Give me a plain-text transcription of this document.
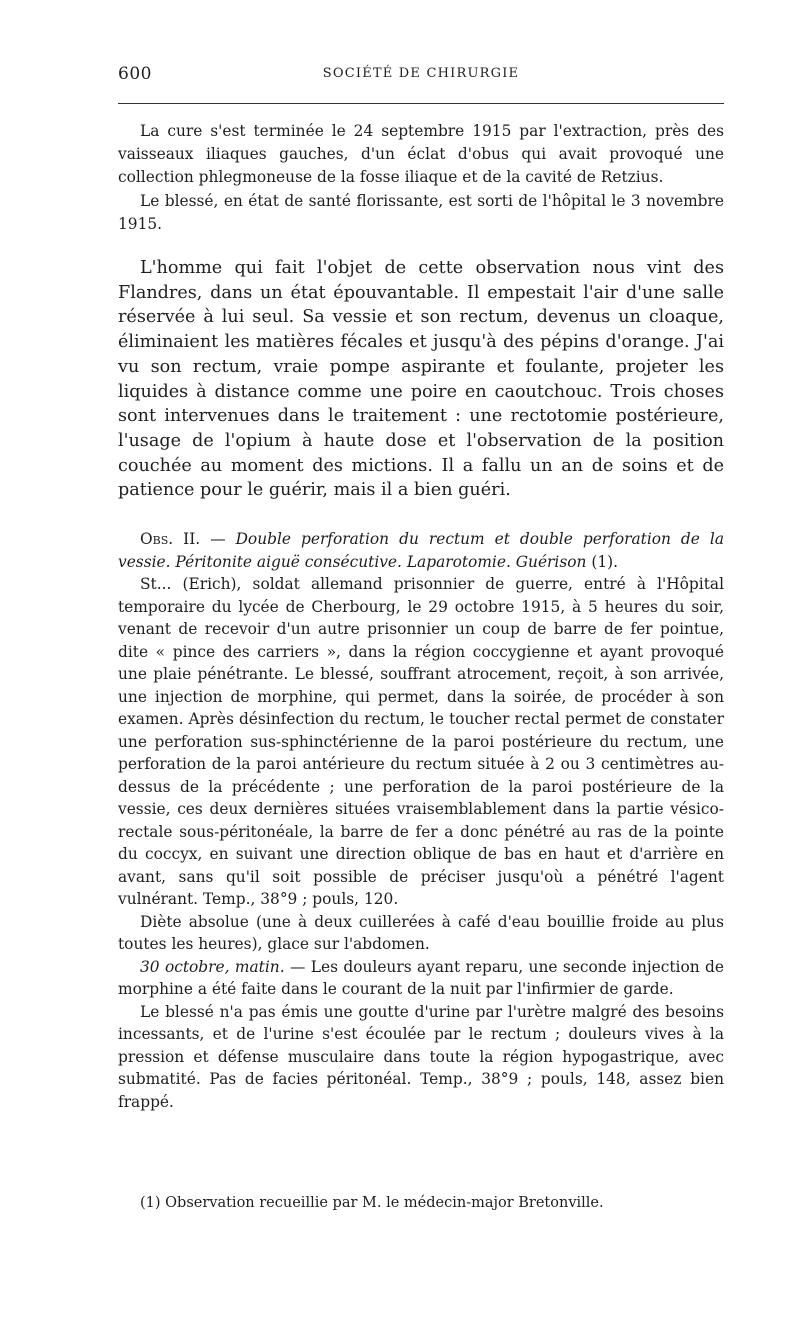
600	SOCIÉTÉ DE CHIRURGIE

La cure s'est terminée le 24 septembre 1915 par l'extraction, près des vaisseaux iliaques gauches, d'un éclat d'obus qui avait provoqué une collection phlegmoneuse de la fosse iliaque et de la cavité de Retzius.

Le blessé, en état de santé florissante, est sorti de l'hôpital le 3 novembre 1915.

L'homme qui fait l'objet de cette observation nous vint des Flandres, dans un état épouvantable. Il empestait l'air d'une salle réservée à lui seul. Sa vessie et son rectum, devenus un cloaque, éliminaient les matières fécales et jusqu'à des pépins d'orange. J'ai vu son rectum, vraie pompe aspirante et foulante, projeter les liquides à distance comme une poire en caoutchouc. Trois choses sont intervenues dans le traitement : une rectotomie postérieure, l'usage de l'opium à haute dose et l'observation de la position couchée au moment des mictions. Il a fallu un an de soins et de patience pour le guérir, mais il a bien guéri.

Obs. II. — Double perforation du rectum et double perforation de la vessie. Péritonite aiguë consécutive. Laparotomie. Guérison (1).

St... (Erich), soldat allemand prisonnier de guerre, entré à l'Hôpital temporaire du lycée de Cherbourg, le 29 octobre 1915, à 5 heures du soir, venant de recevoir d'un autre prisonnier un coup de barre de fer pointue, dite « pince des carriers », dans la région coccygienne et ayant provoqué une plaie pénétrante. Le blessé, souffrant atrocement, reçoit, à son arrivée, une injection de morphine, qui permet, dans la soirée, de procéder à son examen. Après désinfection du rectum, le toucher rectal permet de constater une perforation sus-sphinctérienne de la paroi postérieure du rectum, une perforation de la paroi antérieure du rectum située à 2 ou 3 centimètres au-dessus de la précédente ; une perforation de la paroi postérieure de la vessie, ces deux dernières situées vraisemblablement dans la partie vésico-rectale sous-péritonéale, la barre de fer a donc pénétré au ras de la pointe du coccyx, en suivant une direction oblique de bas en haut et d'arrière en avant, sans qu'il soit possible de préciser jusqu'où a pénétré l'agent vulnérant. Temp., 38°9 ; pouls, 120.

Diète absolue (une à deux cuillerées à café d'eau bouillie froide au plus toutes les heures), glace sur l'abdomen.

30 octobre, matin. — Les douleurs ayant reparu, une seconde injection de morphine a été faite dans le courant de la nuit par l'infirmier de garde.

Le blessé n'a pas émis une goutte d'urine par l'urètre malgré des besoins incessants, et de l'urine s'est écoulée par le rectum ; douleurs vives à la pression et défense musculaire dans toute la région hypogastrique, avec submatité. Pas de facies péritonéal. Temp., 38°9 ; pouls, 148, assez bien frappé.

(1) Observation recueillie par M. le médecin-major Bretonville.
